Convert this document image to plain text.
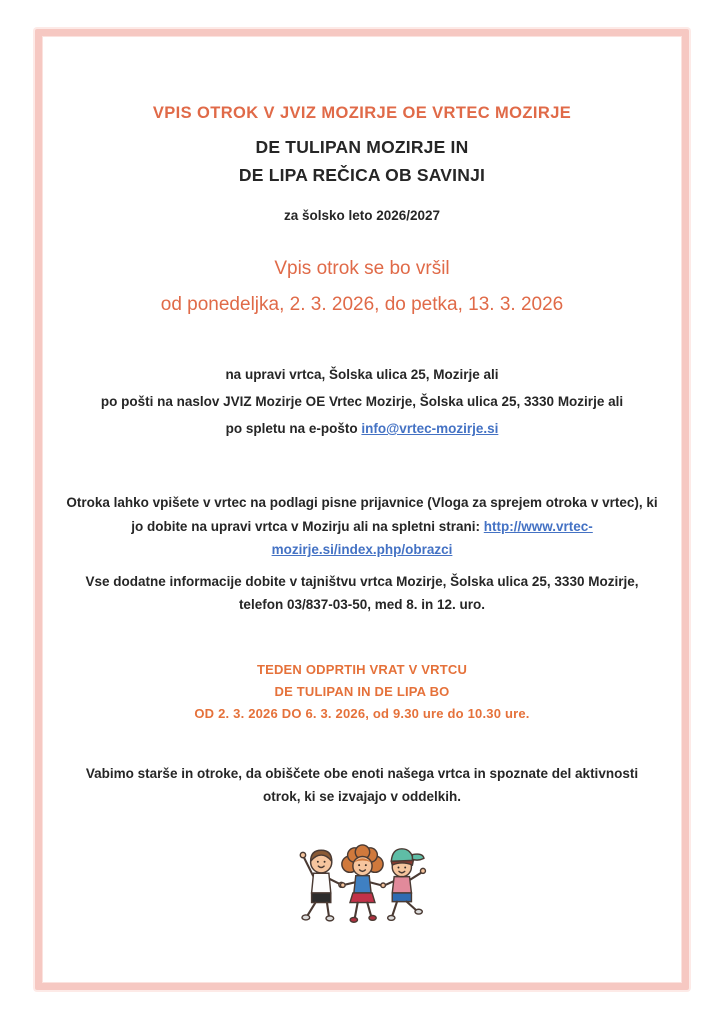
VPIS OTROK V JVIZ MOZIRJE OE VRTEC MOZIRJE
DE TULIPAN MOZIRJE IN
DE LIPA REČICA OB SAVINJI
za šolsko leto 2026/2027
Vpis otrok se bo vršil
od ponedeljka, 2. 3. 2026, do petka, 13. 3. 2026
na upravi vrtca, Šolska ulica 25, Mozirje ali
po pošti na naslov JVIZ Mozirje OE Vrtec Mozirje, Šolska ulica 25, 3330 Mozirje ali
po spletu na e-pošto info@vrtec-mozirje.si
Otroka lahko vpišete v vrtec na podlagi pisne prijavnice (Vloga za sprejem otroka v vrtec), ki jo dobite na upravi vrtca v Mozirju ali na spletni strani: http://www.vrtec-mozirje.si/index.php/obrazci
Vse dodatne informacije dobite v tajništvu vrtca Mozirje, Šolska ulica 25, 3330 Mozirje, telefon 03/837-03-50, med 8. in 12. uro.
TEDEN ODPRTIH VRAT V VRTCU
DE TULIPAN IN DE LIPA BO
OD 2. 3. 2026 DO 6. 3. 2026, od 9.30 ure do 10.30 ure.
Vabimo starše in otroke, da obiščete obe enoti našega vrtca in spoznate del aktivnosti otrok, ki se izvajajo v oddelkih.
